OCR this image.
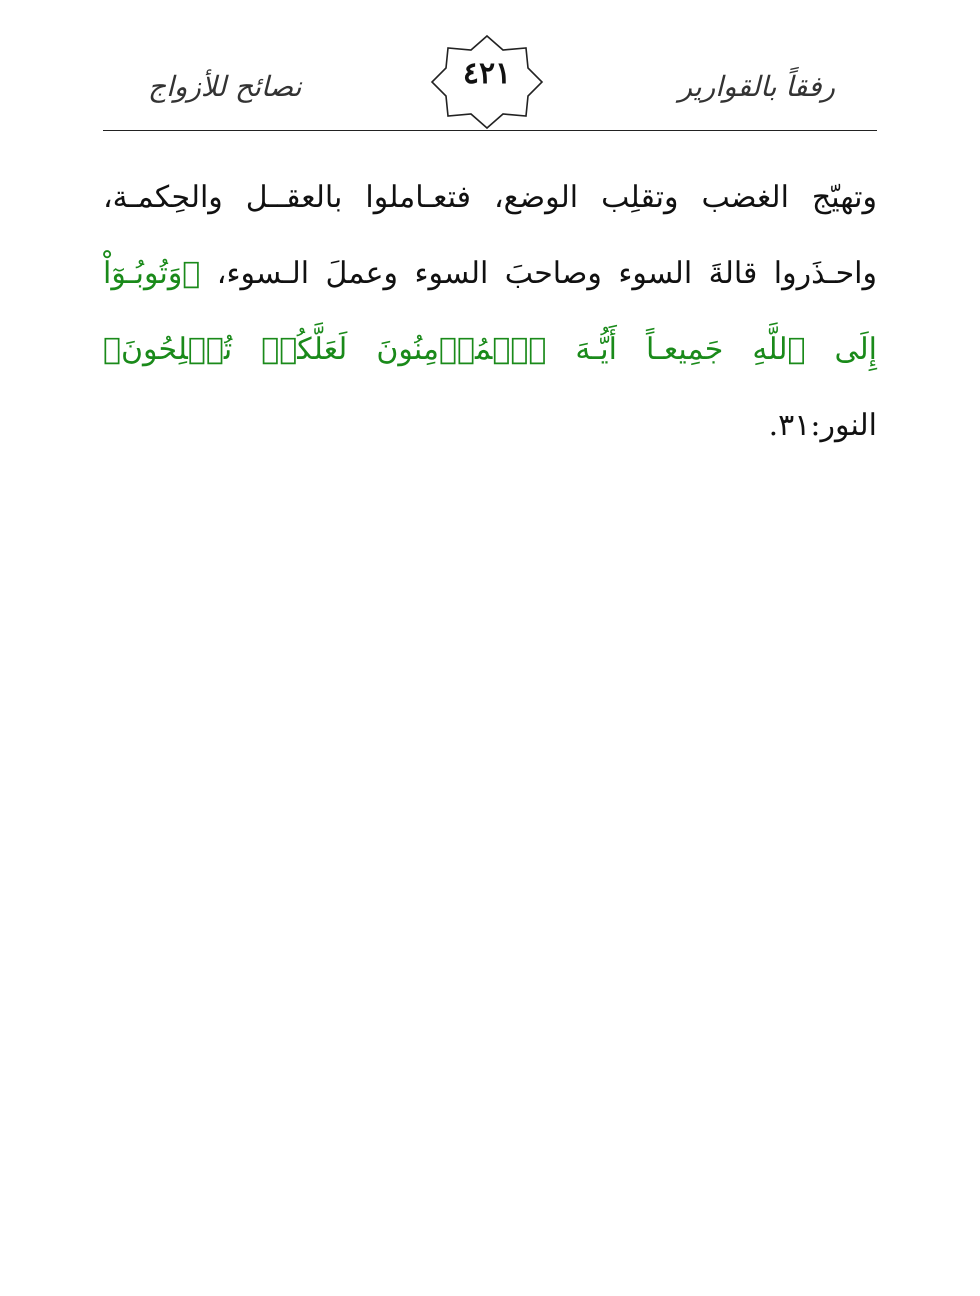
رفقاً بالقوارير
٤٢١
نصائح للأزواج
وتهيّج الغضب وتقلِب الوضع، فتعـاملوا بالعقــل والحِكمـة، واحـذَروا قالةَ السوء وصاحبَ السوء وعملَ الـسوء، ﴿وَتُوبُـوٓاْ إِلَى ٱللَّهِ جَمِيعـاً أَيُّـهَ ٱلۡمُؤۡمِنُونَ لَعَلَّكُمۡ تُفۡلِحُونَ﴾ النور:٣١.
